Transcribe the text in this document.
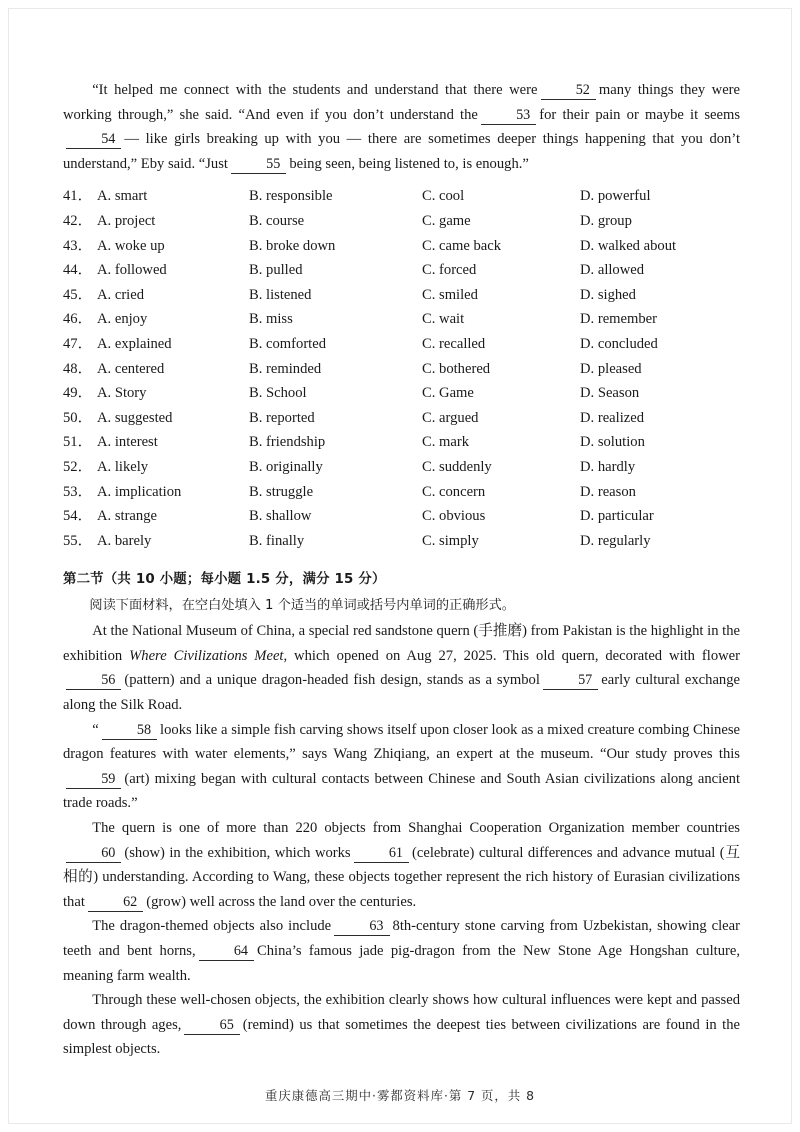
“It helped me connect with the students and understand that there were	52 many things they were working through,” she said. “And even if you don’t understand the	53 for their pain or maybe it seems54 — like girls breaking up with you — there are sometimes deeper things happening that you don’t understand,” Eby said. “Just	55 being seen, being listened to, is enough.”

41． A. smart	B. responsible	C. cool	D. powerful
42． A. project	B. course	C. game	D. group
43． A. woke up	B. broke down	C. came back	D. walked about
44． A. followed	B. pulled	C. forced	D. allowed
45． A. cried	B. listened	C. smiled	D. sighed
46． A. enjoy	B. miss	C. wait	D. remember
47． A. explained	B. comforted	C. recalled	D. concluded
48． A. centered	B. reminded	C. bothered	D. pleased
49． A. Story	B. School	C. Game	D. Season
50． A. suggested	B. reported	C. argued	D. realized
51． A. interest	B. friendship	C. mark	D. solution
52． A. likely	B. originally	C. suddenly	D. hardly
53． A. implication	B. struggle	C. concern	D. reason
54． A. strange	B. shallow	C. obvious	D. particular
55． A. barely	B. finally	C. simply	D. regularly
第二节（共 10 小题；每小题 1.5 分，满分 15 分）
阅读下面材料，在空白处填入 1 个适当的单词或括号内单词的正确形式。

At the National Museum of China, a special red sandstone quern (手推磨) from Pakistan is the highlight in the exhibition Where Civilizations Meet, which opened on Aug 27, 2025. This old quern, decorated with flower56 (pattern) and a unique dragon-headed fish design, stands as a symbol	57 early cultural exchange along the Silk Road.

“	58 looks like a simple fish carving shows itself upon closer look as a mixed creature combing Chinese dragon features with water elements,” says Wang Zhiqiang, an expert at the museum. “Our study proves this59 (art) mixing began with cultural contacts between Chinese and South Asian civilizations along ancient trade roads.”

The quern is one of more than 220 objects from Shanghai Cooperation Organization member countries60 (show) in the exhibition, which works	61 (celebrate) cultural differences and advance mutual (互相的) understanding. According to Wang, these objects together represent the rich history of Eurasian civilizations that	62 (grow) well across the land over the centuries.

The dragon-themed objects also include	63 8th-century stone carving from Uzbekistan, showing clear teeth and bent horns,	64 China’s famous jade pig-dragon from the New Stone Age Hongshan culture, meaning farm wealth.

Through these well-chosen objects, the exhibition clearly shows how cultural influences were kept and passed down through ages,	65 (remind) us that sometimes the deepest ties between civilizations are found in the simplest objects.

重庆康德高三期中·雾都资料库·第 7 页，共 8
